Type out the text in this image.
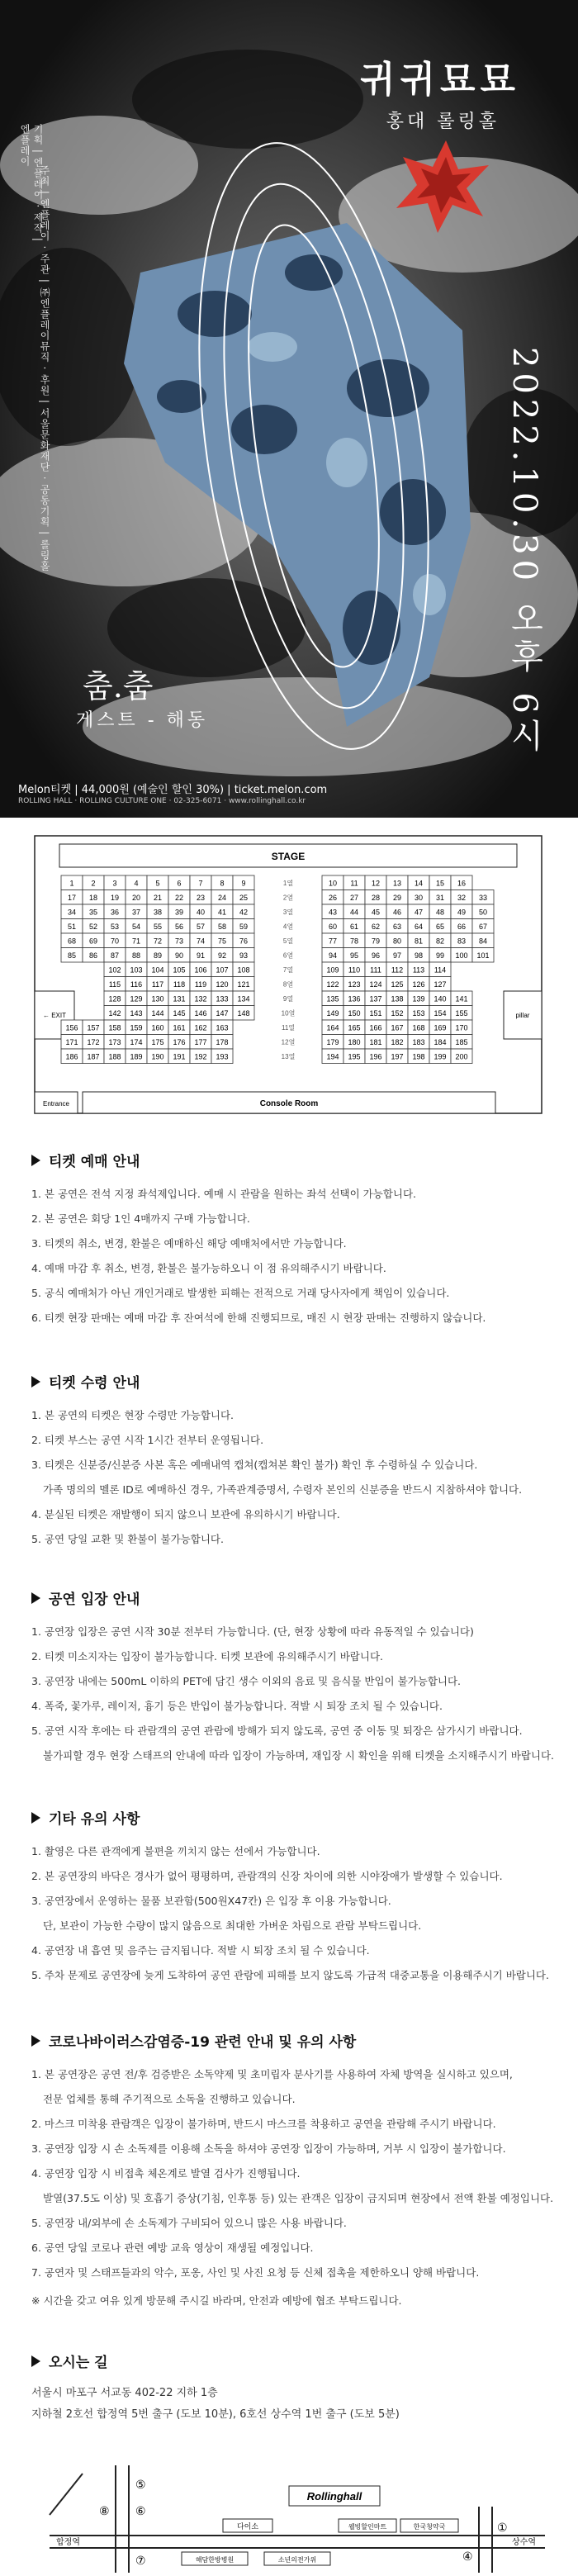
귀귀묘묘
홍대 롤링홀
2022.10.30 오후 6시
기획 | 엔플레이 · 제작 | 엔플레이
주최 | 엔플레이 · 주관 | ㈜엔플레이뮤직 · 후원 | 서울문화재단 · 공동기획 | 롤링홀
춤.춤
게스트 - 해동
Melon티켓 | 44,000원 (예술인 할인 30%) | ticket.melon.com
ROLLING HALL · ROLLING CULTURE ONE · 02-325-6071 · www.rollinghall.co.kr
STAGE
← EXIT	pillar
Entrance	Console Room
1 2 3 4 5 6 7 8 9	1열	10 11 12 13 14 15 16
17 18 19 20 21 22 23 24 25	2열	26 27 28 29 30 31 32 33
34 35 36 37 38 39 40 41 42	3열	43 44 45 46 47 48 49 50
51 52 53 54 55 56 57 58 59	4열	60 61 62 63 64 65 66 67
68 69 70 71 72 73 74 75 76	5열	77 78 79 80 81 82 83 84
85 86 87 88 89 90 91 92 93	6열	94 95 96 97 98 99 100 101
102 103 104 105 106 107 108	7열	109 110 111 112 113 114
115 116 117 118 119 120 121	8열	122 123 124 125 126 127
128 129 130 131 132 133 134	9열	135 136 137 138 139 140 141
142 143 144 145 146 147 148	10열	149 150 151 152 153 154 155
156 157 158 159 160 161 162 163	11열	164 165 166 167 168 169 170
171 172 173 174 175 176 177 178	12열	179 180 181 182 183 184 185
186 187 188 189 190 191 192 193	13열	194 195 196 197 198 199 200
티켓 예매 안내
1. 본 공연은 전석 지정 좌석제입니다. 예매 시 관람을 원하는 좌석 선택이 가능합니다.
2. 본 공연은 회당 1인 4매까지 구매 가능합니다.
3. 티켓의 취소, 변경, 환불은 예매하신 해당 예매처에서만 가능합니다.
4. 예매 마감 후 취소, 변경, 환불은 불가능하오니 이 점 유의해주시기 바랍니다.
5. 공식 예매처가 아닌 개인거래로 발생한 피해는 전적으로 거래 당사자에게 책임이 있습니다.
6. 티켓 현장 판매는 예매 마감 후 잔여석에 한해 진행되므로, 매진 시 현장 판매는 진행하지 않습니다.
티켓 수령 안내
1. 본 공연의 티켓은 현장 수령만 가능합니다.
2. 티켓 부스는 공연 시작 1시간 전부터 운영됩니다.
3. 티켓은 신분증/신분증 사본 혹은 예매내역 캡쳐(캡쳐본 확인 불가) 확인 후 수령하실 수 있습니다.
가족 명의의 멜론 ID로 예매하신 경우, 가족관계증명서, 수령자 본인의 신분증을 반드시 지참하셔야 합니다.
4. 분실된 티켓은 재발행이 되지 않으니 보관에 유의하시기 바랍니다.
5. 공연 당일 교환 및 환불이 불가능합니다.
공연 입장 안내
1. 공연장 입장은 공연 시작 30분 전부터 가능합니다. (단, 현장 상황에 따라 유동적일 수 있습니다)
2. 티켓 미소지자는 입장이 불가능합니다. 티켓 보관에 유의해주시기 바랍니다.
3. 공연장 내에는 500mL 이하의 PET에 담긴 생수 이외의 음료 및 음식물 반입이 불가능합니다.
4. 폭죽, 꽃가루, 레이저, 흉기 등은 반입이 불가능합니다. 적발 시 퇴장 조치 될 수 있습니다.
5. 공연 시작 후에는 타 관람객의 공연 관람에 방해가 되지 않도록, 공연 중 이동 및 퇴장은 삼가시기 바랍니다.
불가피할 경우 현장 스태프의 안내에 따라 입장이 가능하며, 재입장 시 확인을 위해 티켓을 소지해주시기 바랍니다.
기타 유의 사항
1. 촬영은 다른 관객에게 불편을 끼치지 않는 선에서 가능합니다.
2. 본 공연장의 바닥은 경사가 없어 평평하며, 관람객의 신장 차이에 의한 시야장애가 발생할 수 있습니다.
3. 공연장에서 운영하는 물품 보관함(500원X47칸) 은 입장 후 이용 가능합니다.
단, 보관이 가능한 수량이 많지 않음으로 최대한 가벼운 차림으로 관람 부탁드립니다.
4. 공연장 내 흡연 및 음주는 금지됩니다. 적발 시 퇴장 조치 될 수 있습니다.
5. 주차 문제로 공연장에 늦게 도착하여 공연 관람에 피해를 보지 않도록 가급적 대중교통을 이용해주시기 바랍니다.
코로나바이러스감염증-19 관련 안내 및 유의 사항
1. 본 공연장은 공연 전/후 검증받은 소독약제 및 초미립자 분사기를 사용하여 자체 방역을 실시하고 있으며,
전문 업체를 통해 주기적으로 소독을 진행하고 있습니다.
2. 마스크 미착용 관람객은 입장이 불가하며, 반드시 마스크를 착용하고 공연을 관람해 주시기 바랍니다.
3. 공연장 입장 시 손 소독제를 이용해 소독을 하셔야 공연장 입장이 가능하며, 거부 시 입장이 불가합니다.
4. 공연장 입장 시 비접촉 체온계로 발열 검사가 진행됩니다.
발열(37.5도 이상) 및 호흡기 증상(기침, 인후통 등) 있는 관객은 입장이 금지되며 현장에서 전액 환불 예정입니다.
5. 공연장 내/외부에 손 소독제가 구비되어 있으니 많은 사용 바랍니다.
6. 공연 당일 코로나 관련 예방 교육 영상이 재생될 예정입니다.
7. 공연자 및 스태프들과의 악수, 포옹, 사인 및 사진 요청 등 신체 접촉을 제한하오니 양해 바랍니다.

※ 시간을 갖고 여유 있게 방문해 주시길 바라며, 안전과 예방에 협조 부탁드립니다.

오시는 길

서울시 마포구 서교동 402-22 지하 1층

지하철 2호선 합정역 5번 출구 (도보 10분), 6호선 상수역 1번 출구 (도보 5분)

Rollinghall
다이소	웰빙할인마트	한국청약국
해담한방병원	소년의전가위
합정역	상수역
⑤
⑥
⑦
⑧
①
④
